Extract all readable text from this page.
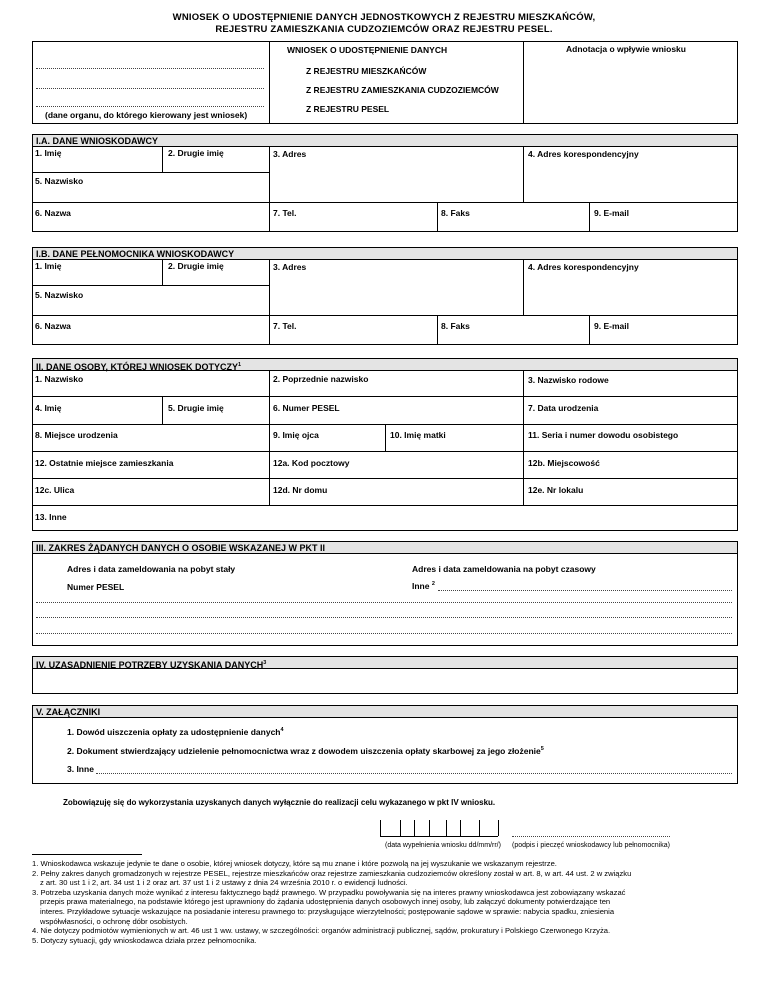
WNIOSEK O UDOSTĘPNIENIE DANYCH JEDNOSTKOWYCH Z REJESTRU MIESZKAŃCÓW,
REJESTRU ZAMIESZKANIA CUDZOZIEMCÓW ORAZ REJESTRU PESEL.
(dane organu, do którego kierowany jest wniosek)
WNIOSEK O UDOSTĘPNIENIE DANYCH
Z REJESTRU MIESZKAŃCÓW
Z REJESTRU ZAMIESZKANIA CUDZOZIEMCÓW
Z REJESTRU PESEL
Adnotacja o wpływie wniosku
I.A. DANE WNIOSKODAWCY
1. Imię	2. Drugie imię	3. Adres	4. Adres korespondencyjny
5. Nazwisko
6. Nazwa	7. Tel.	8. Faks	9. E-mail
I.B. DANE PEŁNOMOCNIKA WNIOSKODAWCY
1. Imię	2. Drugie imię	3. Adres	4. Adres korespondencyjny
5. Nazwisko
6. Nazwa	7. Tel.	8. Faks	9. E-mail
II. DANE OSOBY, KTÓREJ WNIOSEK DOTYCZY$^1$
1. Nazwisko	2. Poprzednie nazwisko	3. Nazwisko rodowe
4. Imię	5. Drugie imię	6. Numer PESEL	7. Data urodzenia
8. Miejsce urodzenia	9. Imię ojca	10. Imię matki	11. Seria i numer dowodu osobistego
12. Ostatnie miejsce zamieszkania	12a. Kod pocztowy	12b. Miejscowość
12c. Ulica	12d. Nr domu	12e. Nr lokalu
13. Inne
III. ZAKRES ŻĄDANYCH DANYCH O OSOBIE WSKAZANEJ W PKT II
Adres i data zameldowania na pobyt stały	Adres i data zameldowania na pobyt czasowy
Numer PESEL	Inne $^2$
IV. UZASADNIENIE POTRZEBY UZYSKANIA DANYCH$^3$
V. ZAŁĄCZNIKI
1. Dowód uiszczenia opłaty za udostępnienie danych$^4$
2. Dokument stwierdzający udzielenie pełnomocnictwa wraz z dowodem uiszczenia opłaty skarbowej za jego złożenie$^5$
3. Inne
Zobowiązuję się do wykorzystania uzyskanych danych wyłącznie do realizacji celu wykazanego w pkt IV wniosku.
(data wypełnienia wniosku dd/mm/rr/) (podpis i pieczęć wnioskodawcy lub pełnomocnika)

1. Wnioskodawca wskazuje jedynie te dane o osobie, której wniosek dotyczy, które są mu znane i które pozwolą na jej wyszukanie we wskazanym rejestrze.

2. Pełny zakres danych gromadzonych w rejestrze PESEL, rejestrze mieszkańców oraz rejestrze zamieszkania cudzoziemców określony został w art. 8, w art. 44 ust. 2 w związku

z art. 30 ust 1 i 2, art. 34 ust 1 i 2 oraz art. 37 ust 1 i 2 ustawy z dnia 24 września 2010 r. o ewidencji ludności.

3. Potrzeba uzyskania danych może wynikać z interesu faktycznego bądź prawnego. W przypadku powoływania się na interes prawny wnioskodawca jest zobowiązany wskazać

przepis prawa materialnego, na podstawie którego jest uprawniony do żądania udostępnienia danych osobowych innej osoby, lub załączyć dokumenty potwierdzające ten

interes. Przykładowe sytuacje wskazujące na posiadanie interesu prawnego to: przysługujące wierzytelności; postępowanie sądowe w sprawie: nabycia spadku, zniesienia

współwłasności, o ochronę dóbr osobistych.

4. Nie dotyczy podmiotów wymienionych w art. 46 ust 1 ww. ustawy, w szczególności: organów administracji publicznej, sądów, prokuratury i Polskiego Czerwonego Krzyża.

5. Dotyczy sytuacji, gdy wnioskodawca działa przez pełnomocnika.
